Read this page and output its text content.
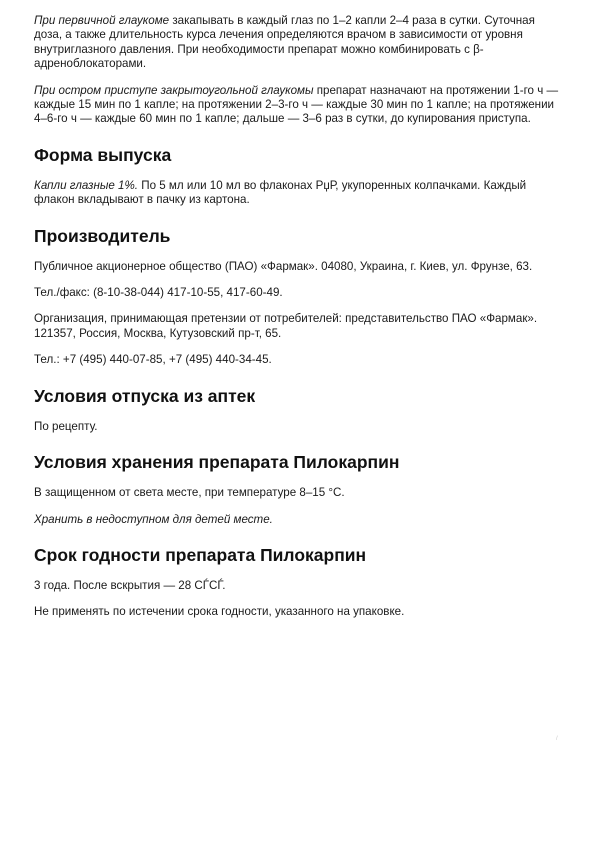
При первичной глаукоме закапывать в каждый глаз по 1–2 капли 2–4 раза в сутки. Суточная доза, а также длительность курса лечения определяются врачом в зависимости от уровня внутриглазного давления. При необходимости препарат можно комбинировать с β-адреноблокаторами.

При остром приступе закрытоугольной глаукомы препарат назначают на протяжении 1-го ч — каждые 15 мин по 1 капле; на протяжении 2–3-го ч — каждые 30 мин по 1 капле; на протяжении 4–6-го ч — каждые 60 мин по 1 капле; дальше — 3–6 раз в сутки, до купирования приступа.

Форма выпуска

Капли глазные 1%. По 5 мл или 10 мл во флаконах РџР, укупоренных колпачками. Каждый флакон вкладывают в пачку из картона.

Производитель

Публичное акционерное общество (ПАО) «Фармак». 04080, Украина, г. Киев, ул. Фрунзе, 63.

Тел./факс: (8-10-38-044) 417-10-55, 417-60-49.

Организация, принимающая претензии от потребителей: представительство ПАО «Фармак». 121357, Россия, Москва, Кутузовский пр-т, 65.

Тел.: +7 (495) 440-07-85, +7 (495) 440-34-45.

Условия отпуска из аптек

По рецепту.

Условия хранения препарата Пилокарпин

В защищенном от света месте, при температуре 8–15 °C.

Хранить в недоступном для детей месте.

Срок годности препарата Пилокарпин

3 года. После вскрытия — 28 СЃСЃ.

Не применять по истечении срока годности, указанного на упаковке.

/
